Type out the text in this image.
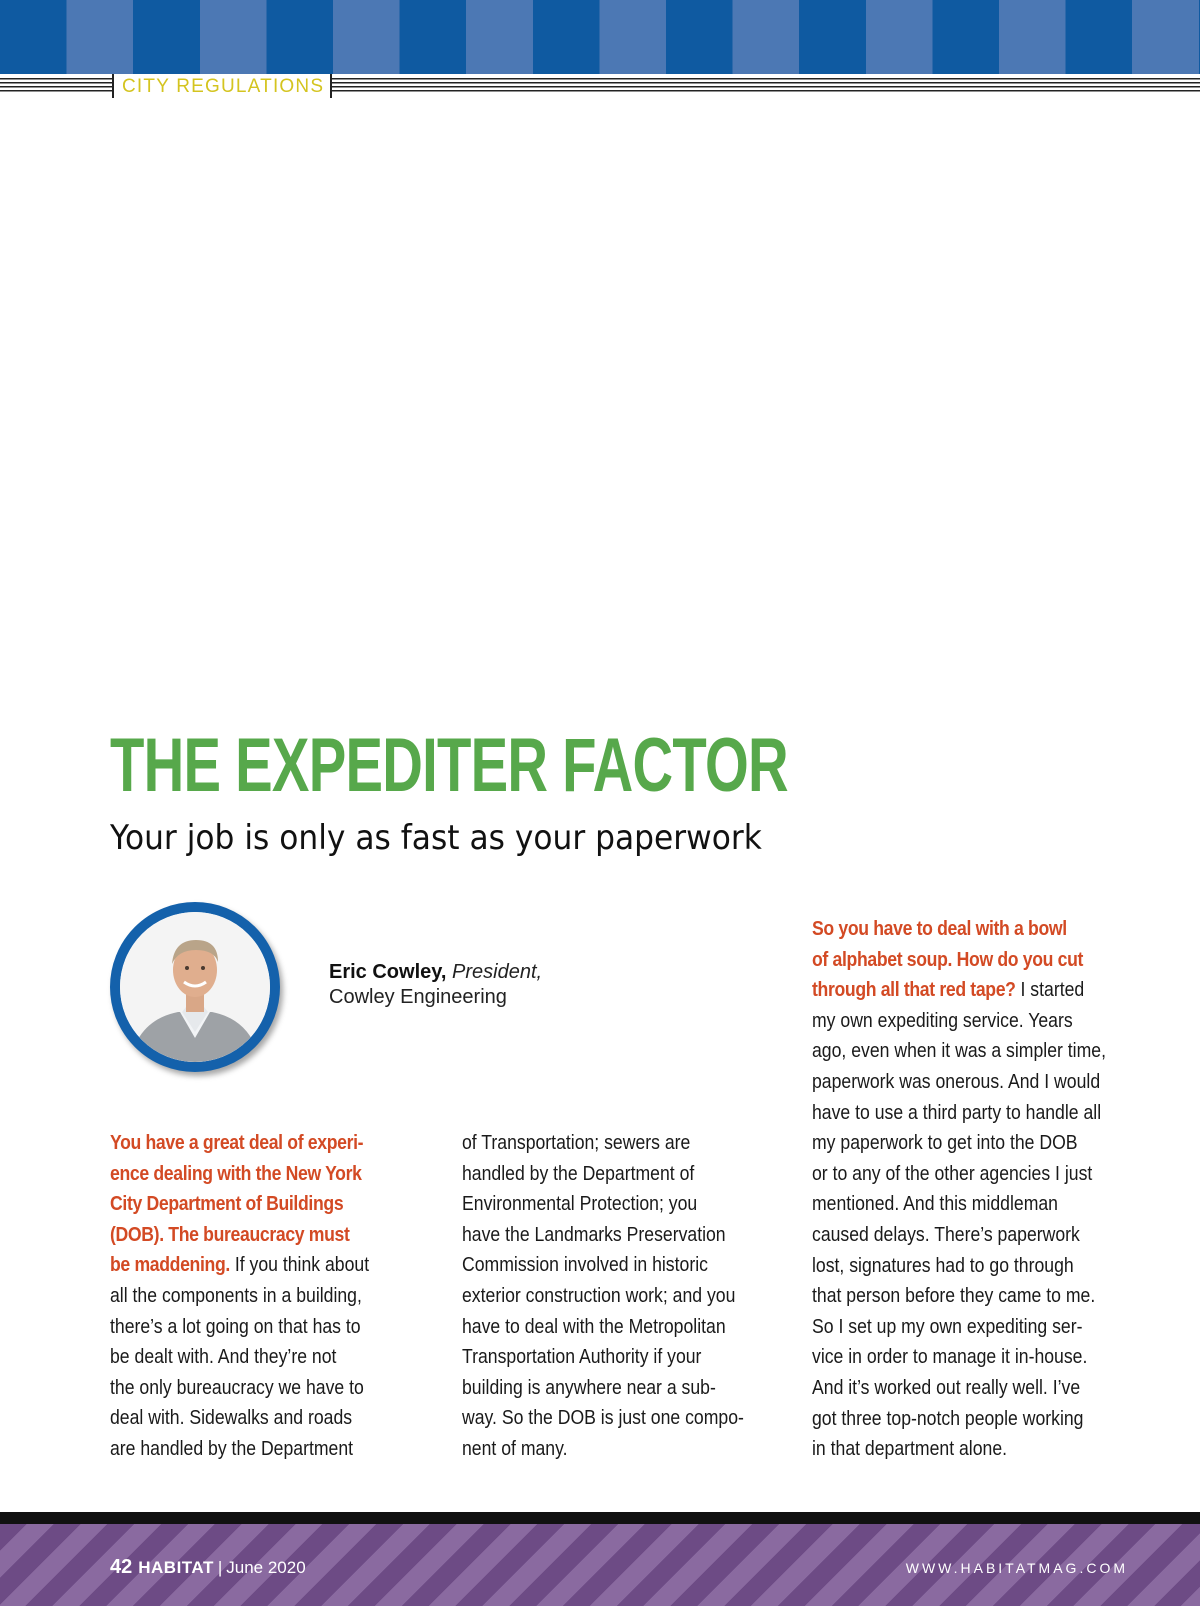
CITY REGULATIONS
THE EXPEDITER FACTOR
Your job is only as fast as your paperwork
Eric Cowley, President,
Cowley Engineering
You have a great deal of experi-
ence dealing with the New York
City Department of Buildings
(DOB). The bureaucracy must
be maddening. If you think about
all the components in a building,
there’s a lot going on that has to
be dealt with. And they’re not
the only bureaucracy we have to
deal with. Sidewalks and roads
are handled by the Department
of Transportation; sewers are
handled by the Department of
Environmental Protection; you
have the Landmarks Preservation
Commission involved in historic
exterior construction work; and you
have to deal with the Metropolitan
Transportation Authority if your
building is anywhere near a sub-
way. So the DOB is just one compo-
nent of many.
So you have to deal with a bowl
of alphabet soup. How do you cut
through all that red tape? I started
my own expediting service. Years
ago, even when it was a simpler time,
paperwork was onerous. And I would
have to use a third party to handle all
my paperwork to get into the DOB
or to any of the other agencies I just
mentioned. And this middleman
caused delays. There’s paperwork
lost, signatures had to go through
that person before they came to me.
So I set up my own expediting ser-
vice in order to manage it in-house.
And it’s worked out really well. I’ve
got three top-notch people working
in that department alone.
42 HABITAT | June 2020	WWW.HABITATMAG.COM
